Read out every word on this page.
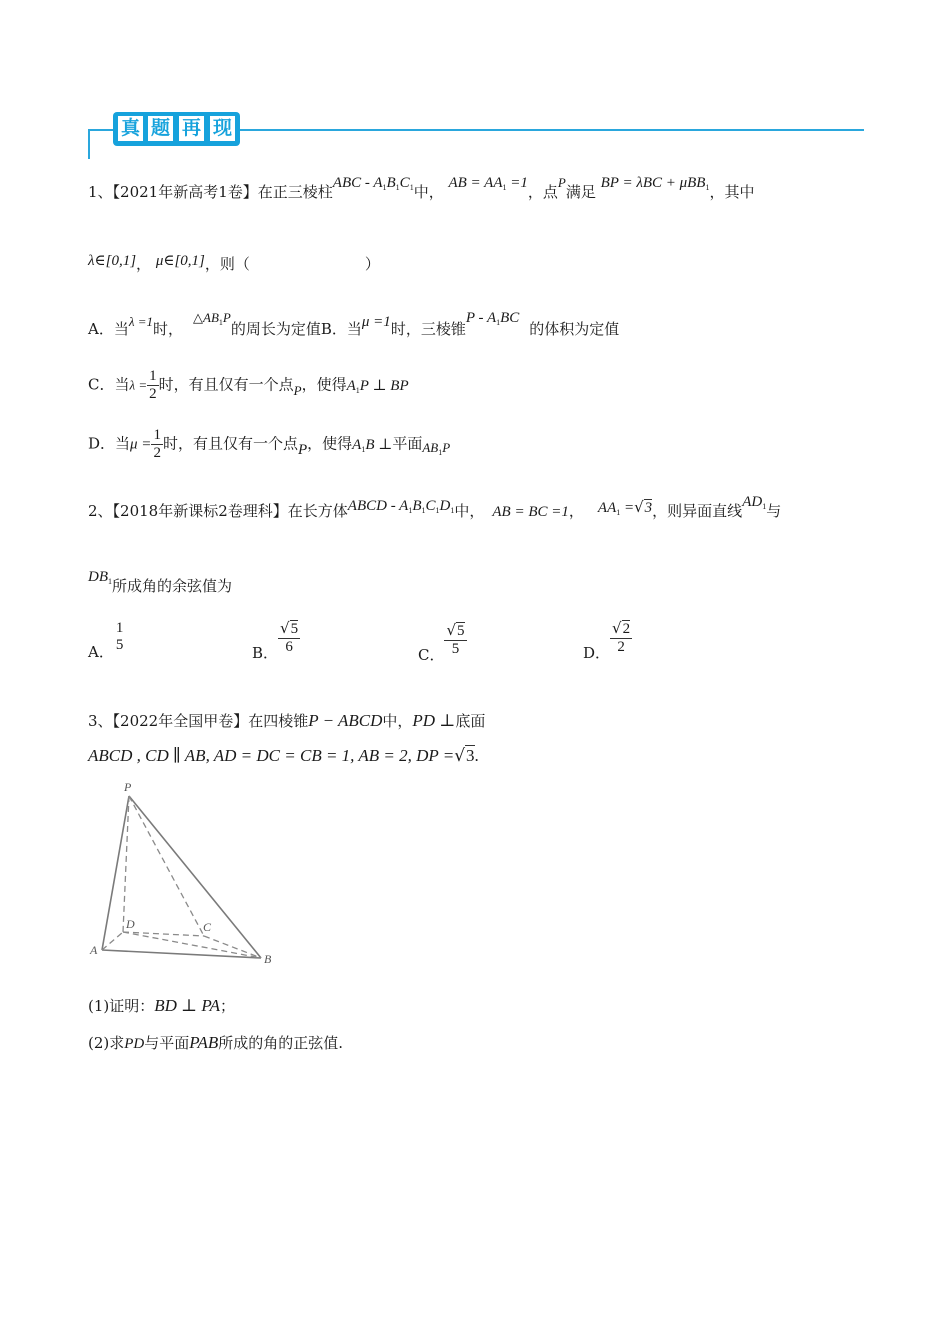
真 题 再 现
1、【2021年新高考1卷】在正三棱柱ABC - $A_1B_1C_1$中， AB = $AA_1 =1$，点P满足 BP = λBC + μBB$_1$，其中
λ∈[0,1]， μ∈[0,1]，则（	）
A．当λ =1时，$\triangle AB_1P$的周长为定值B．当μ =1时，三棱锥P - $A_1BC$的体积为定值
C．当$\lambda = \frac{1}{2}$ 时，有且仅有一个点P，使得$A_1P$ ⊥ BP
D．当$\mu = \frac{1}{2}$ 时，有且仅有一个点P，使得$A_1B$ ⊥平面$AB_1P$
2、【2018年新课标2卷理科】在长方体ABCD - $A_1B_1C_1D_1$中， AB = BC =1， $AA_1 =√3$，则异面直线$AD_1$与
$DB_1$所成角的余弦值为
A．
1
5	B． $\frac{√5}{6}$	C． $\frac{√5}{5}$	D． $\frac{√2}{2}$
3、【2022年全国甲卷】在四棱锥P − ABCD中，PD ⊥底面
ABCD , CD ∥ AB, AD = DC = CB = 1, AB = 2, DP =√3.
P
A
B
C
D
(1)证明：BD ⊥ PA；
(2)求PD与平面PAB所成的角的正弦值.
